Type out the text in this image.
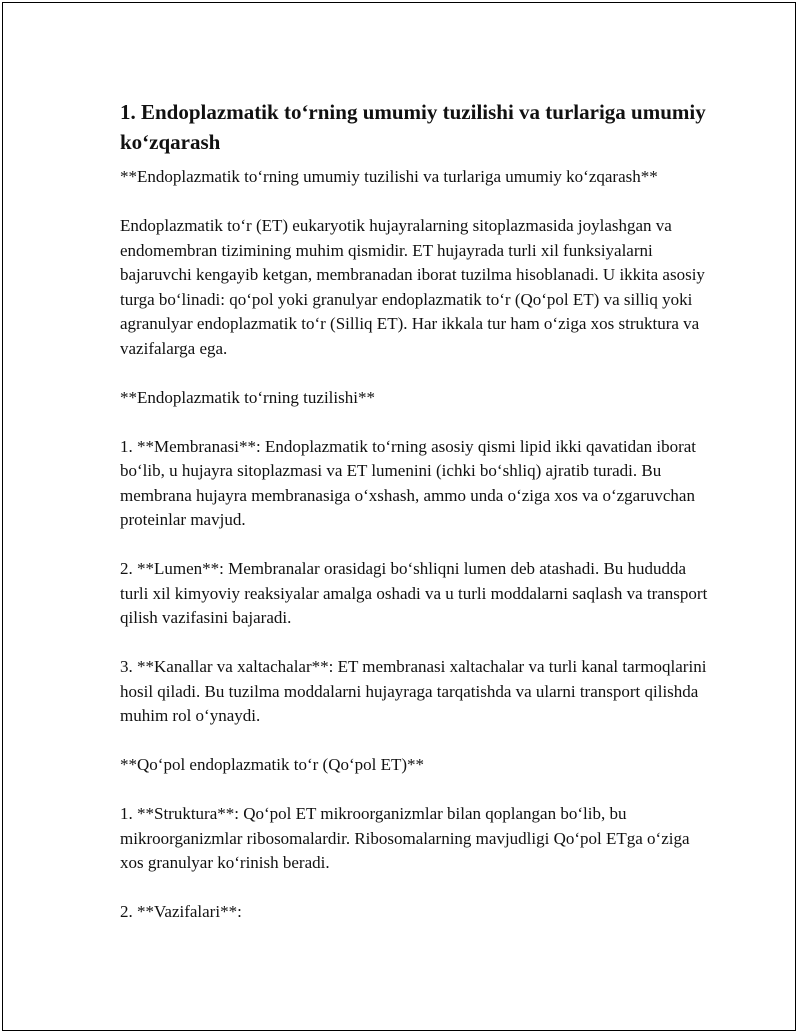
1. Endoplazmatik to‘rning umumiy tuzilishi va turlariga umumiy ko‘zqarash

**Endoplazmatik to‘rning umumiy tuzilishi va turlariga umumiy ko‘zqarash**

Endoplazmatik to‘r (ET) eukaryotik hujayralarning sitoplazmasida joylashgan va endomembran tizimining muhim qismidir. ET hujayrada turli xil funksiyalarni bajaruvchi kengayib ketgan, membranadan iborat tuzilma hisoblanadi. U ikkita asosiy turga bo‘linadi: qo‘pol yoki granulyar endoplazmatik to‘r (Qo‘pol ET) va silliq yoki agranulyar endoplazmatik to‘r (Silliq ET). Har ikkala tur ham o‘ziga xos struktura va vazifalarga ega.

**Endoplazmatik to‘rning tuzilishi**

1. **Membranasi**: Endoplazmatik to‘rning asosiy qismi lipid ikki qavatidan iborat bo‘lib, u hujayra sitoplazmasi va ET lumenini (ichki bo‘shliq) ajratib turadi. Bu membrana hujayra membranasiga o‘xshash, ammo unda o‘ziga xos va o‘zgaruvchan proteinlar mavjud.

2. **Lumen**: Membranalar orasidagi bo‘shliqni lumen deb atashadi. Bu hududda turli xil kimyoviy reaksiyalar amalga oshadi va u turli moddalarni saqlash va transport qilish vazifasini bajaradi.

3. **Kanallar va xaltachalar**: ET membranasi xaltachalar va turli kanal tarmoqlarini hosil qiladi. Bu tuzilma moddalarni hujayraga tarqatishda va ularni transport qilishda muhim rol o‘ynaydi.

**Qo‘pol endoplazmatik to‘r (Qo‘pol ET)**

1. **Struktura**: Qo‘pol ET mikroorganizmlar bilan qoplangan bo‘lib, bu mikroorganizmlar ribosomalardir. Ribosomalarning mavjudligi Qo‘pol ETga o‘ziga xos granulyar ko‘rinish beradi.

2. **Vazifalari**:
